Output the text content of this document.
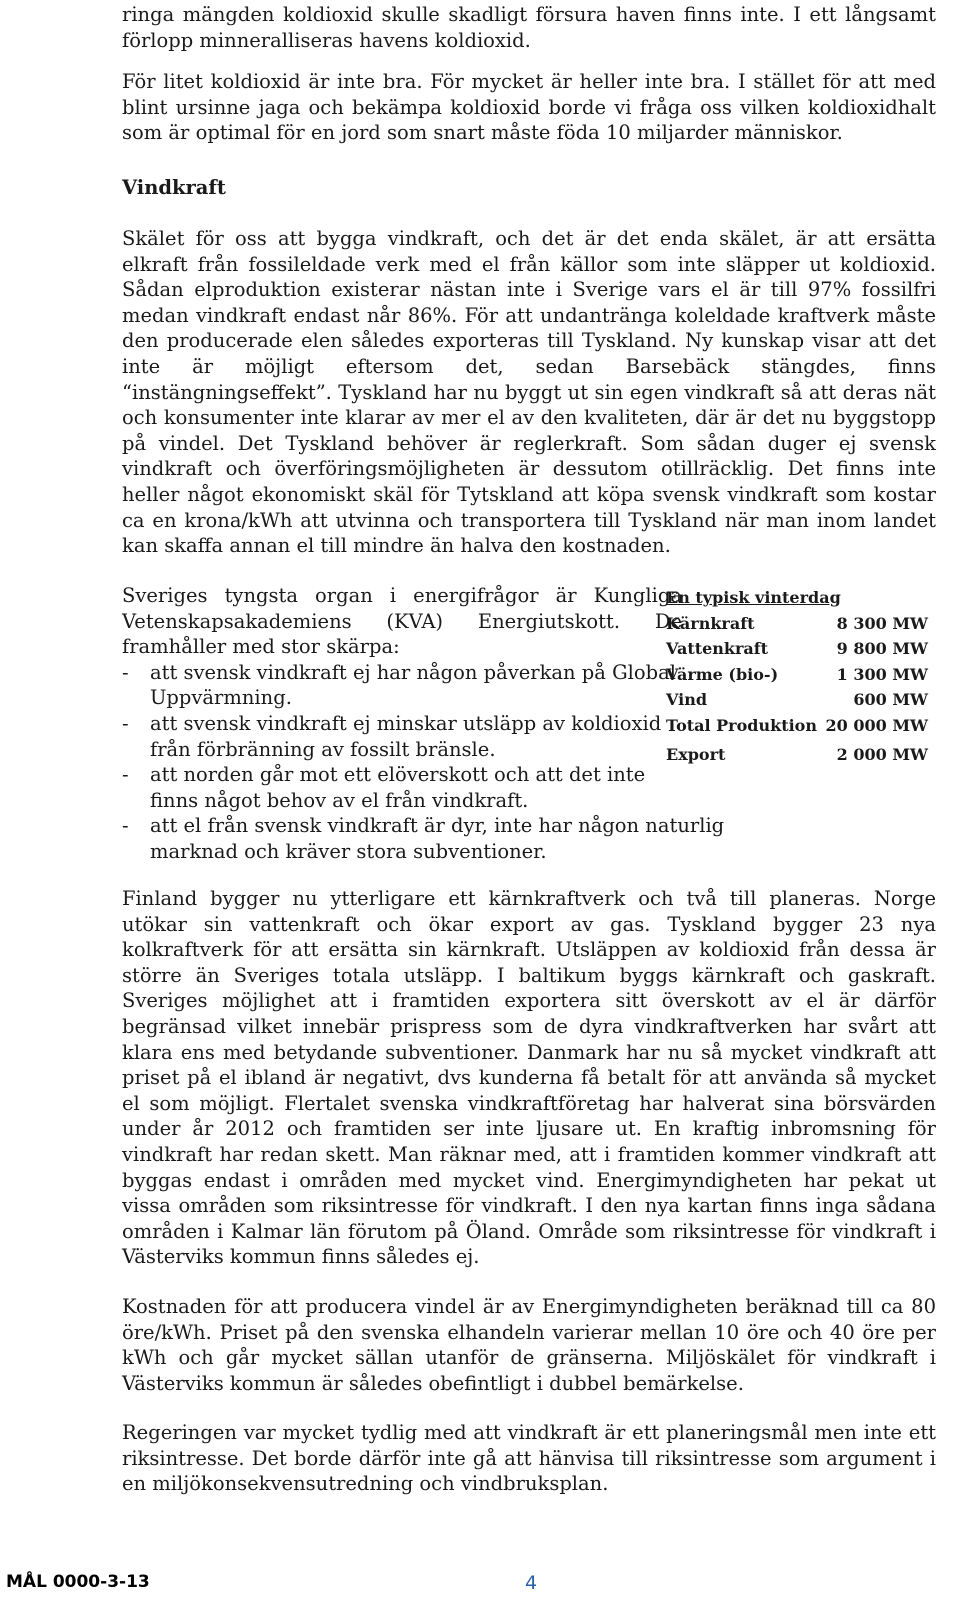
ringa mängden koldioxid skulle skadligt försura haven finns inte. I ett långsamt förlopp minneralliseras havens koldioxid.

För litet koldioxid är inte bra. För mycket är heller inte bra. I stället för att med blint ursinne jaga och bekämpa koldioxid borde vi fråga oss vilken koldioxidhalt som är optimal för en jord som snart måste föda 10 miljarder människor.

Vindkraft

Skälet för oss att bygga vindkraft, och det är det enda skälet, är att ersätta elkraft från fossileldade verk med el från källor som inte släpper ut koldioxid. Sådan elproduktion existerar nästan inte i Sverige vars el är till 97% fossilfri medan vindkraft endast når 86%. För att undantränga koleldade kraftverk måste den producerade elen således exporteras till Tyskland. Ny kunskap visar att det inte är möjligt eftersom det, sedan Barsebäck stängdes, finns “instängningseffekt”. Tyskland har nu byggt ut sin egen vindkraft så att deras nät och konsumenter inte klarar av mer el av den kvaliteten, där är det nu byggstopp på vindel. Det Tyskland behöver är reglerkraft. Som sådan duger ej svensk vindkraft och överföringsmöjligheten är dessutom otillräcklig. Det finns inte heller något ekonomiskt skäl för Tytskland att köpa svensk vindkraft som kostar ca en krona/kWh att utvinna och transportera till Tyskland när man inom landet kan skaffa annan el till mindre än halva den kostnaden.

Sveriges tyngsta organ i energifrågor är Kungliga Vetenskapsakademiens (KVA) Energiutskott. De framhåller med stor skärpa:

- att svensk vindkraft ej har någon påverkan på Global Uppvärmning.
- att svensk vindkraft ej minskar utsläpp av koldioxid från förbränning av fossilt bränsle.
- att norden går mot ett elöverskott och att det inte finns något behov av el från vindkraft.
- att el från svensk vindkraft är dyr, inte har någon naturlig marknad och kräver stora subventioner.
En typisk vinterdag
Kärnkraft	8 300 MW
Vattenkraft	9 800 MW
Värme (bio-)	1 300 MW
Vind	600 MW
Total Produktion 20 000 MW
Export	2 000 MW

Finland bygger nu ytterligare ett kärnkraftverk och två till planeras. Norge utökar sin vattenkraft och ökar export av gas. Tyskland bygger 23 nya kolkraftverk för att ersätta sin kärnkraft. Utsläppen av koldioxid från dessa är större än Sveriges totala utsläpp. I baltikum byggs kärnkraft och gaskraft. Sveriges möjlighet att i framtiden exportera sitt överskott av el är därför begränsad vilket innebär prispress som de dyra vindkraftverken har svårt att klara ens med betydande subventioner. Danmark har nu så mycket vindkraft att priset på el ibland är negativt, dvs kunderna få betalt för att använda så mycket el som möjligt. Flertalet svenska vindkraftföretag har halverat sina börsvärden under år 2012 och framtiden ser inte ljusare ut. En kraftig inbromsning för vindkraft har redan skett. Man räknar med, att i framtiden kommer vindkraft att byggas endast i områden med mycket vind. Energimyndigheten har pekat ut vissa områden som riksintresse för vindkraft. I den nya kartan finns inga sådana områden i Kalmar län förutom på Öland. Område som riksintresse för vindkraft i Västerviks kommun finns således ej.

Kostnaden för att producera vindel är av Energimyndigheten beräknad till ca 80 öre/kWh. Priset på den svenska elhandeln varierar mellan 10 öre och 40 öre per kWh och går mycket sällan utanför de gränserna. Miljöskälet för vindkraft i Västerviks kommun är således obefintligt i dubbel bemärkelse.

Regeringen var mycket tydlig med att vindkraft är ett planeringsmål men inte ett riksintresse. Det borde därför inte gå att hänvisa till riksintresse som argument i en miljökonsekvensutredning och vindbruksplan.

MÅL 0000-3-13	4
